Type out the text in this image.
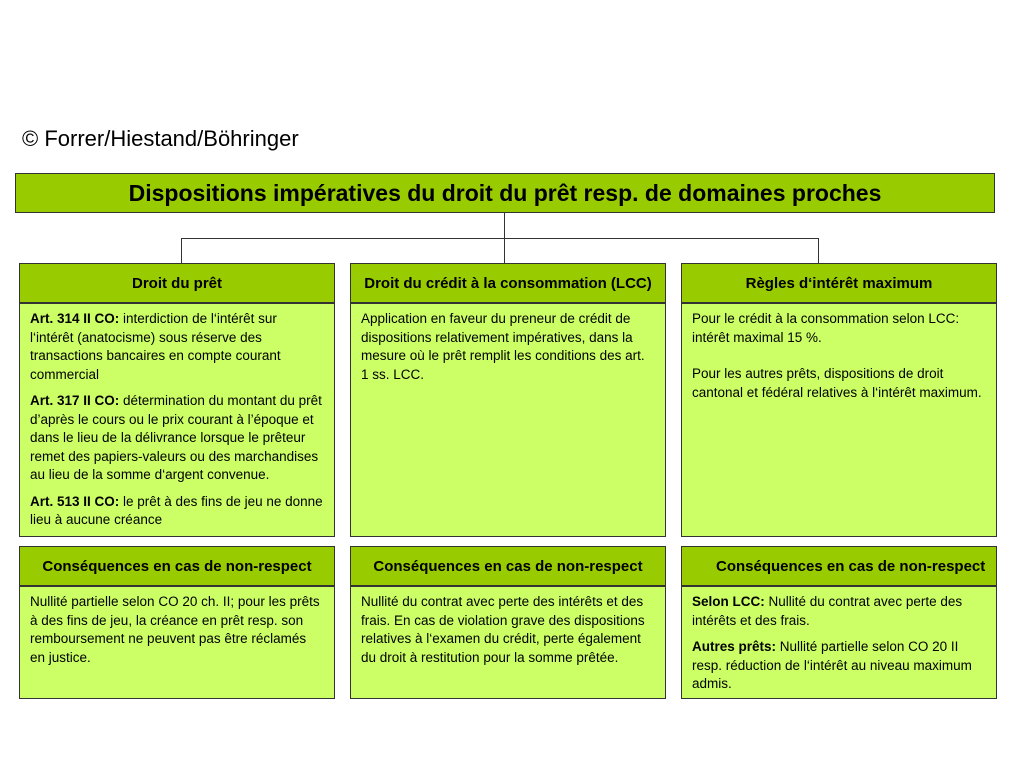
© Forrer/Hiestand/Böhringer
Dispositions impératives du droit du prêt resp. de domaines proches
Droit du prêt

Art. 314 II CO: interdiction de l‘intérêt sur l‘intérêt (anatocisme) sous réserve des transactions bancaires en compte courant commercial

Art. 317 II CO: détermination du montant du prêt d’après le cours ou le prix courant à l’époque et dans le lieu de la délivrance lorsque le prêteur remet des papiers-valeurs ou des marchandises au lieu de la somme d‘argent convenue.

Art. 513 II CO: le prêt à des fins de jeu ne donne lieu à aucune créance

Droit du crédit à la consommation (LCC)

Application en faveur du preneur de crédit de dispositions relativement impératives, dans la mesure où le prêt remplit les conditions des art. 1 ss. LCC.

Règles d‘intérêt maximum

Pour le crédit à la consommation selon LCC: intérêt maximal 15 %.

Pour les autres prêts, dispositions de droit cantonal et fédéral relatives à l‘intérêt maximum.

Conséquences en cas de non-respect

Nullité partielle selon CO 20 ch. II; pour les prêts à des fins de jeu, la créance en prêt resp. son remboursement ne peuvent pas être réclamés en justice.

Conséquences en cas de non-respect

Nullité du contrat avec perte des intérêts et des frais. En cas de violation grave des dispositions relatives à l‘examen du crédit, perte également du droit à restitution pour la somme prêtée.

Conséquences en cas de non-respect

Selon LCC: Nullité du contrat avec perte des intérêts et des frais.

Autres prêts: Nullité partielle selon CO 20 II resp. réduction de l‘intérêt au niveau maximum admis.
